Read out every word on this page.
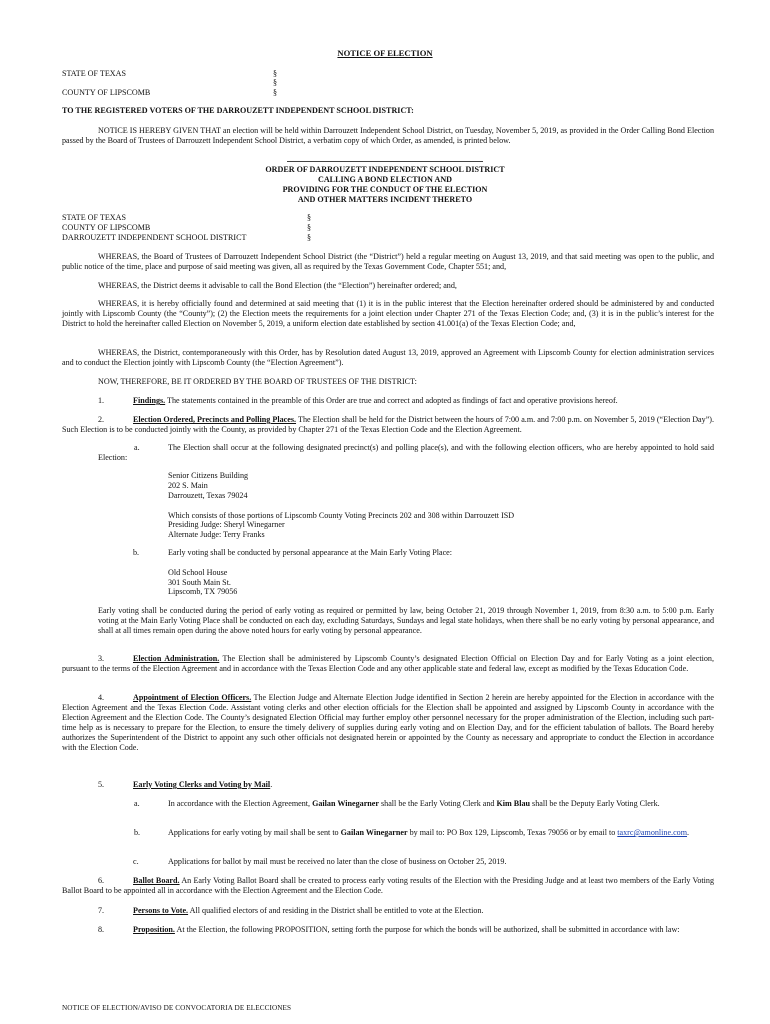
NOTICE OF ELECTION
STATE OF TEXAS	§
§
COUNTY OF LIPSCOMB	§
TO THE REGISTERED VOTERS OF THE DARROUZETT INDEPENDENT SCHOOL DISTRICT:
NOTICE IS HEREBY GIVEN THAT an election will be held within Darrouzett Independent School District, on Tuesday, November 5, 2019, as provided in the Order Calling Bond Election passed by the Board of Trustees of Darrouzett Independent School District, a verbatim copy of which Order, as amended, is printed below.
ORDER OF DARROUZETT INDEPENDENT SCHOOL DISTRICT
CALLING A BOND ELECTION AND
PROVIDING FOR THE CONDUCT OF THE ELECTION
AND OTHER MATTERS INCIDENT THERETO
STATE OF TEXAS	§
COUNTY OF LIPSCOMB	§
DARROUZETT INDEPENDENT SCHOOL DISTRICT	§
WHEREAS, the Board of Trustees of Darrouzett Independent School District (the “District”) held a regular meeting on August 13, 2019, and that said meeting was open to the public, and public notice of the time, place and purpose of said meeting was given, all as required by the Texas Government Code, Chapter 551; and,
WHEREAS, the District deems it advisable to call the Bond Election (the “Election”) hereinafter ordered; and,
WHEREAS, it is hereby officially found and determined at said meeting that (1) it is in the public interest that the Election hereinafter ordered should be administered by and conducted jointly with Lipscomb County (the “County”); (2) the Election meets the requirements for a joint election under Chapter 271 of the Texas Election Code; and, (3) it is in the public’s interest for the District to hold the hereinafter called Election on November 5, 2019, a uniform election date established by section 41.001(a) of the Texas Election Code; and,
WHEREAS, the District, contemporaneously with this Order, has by Resolution dated August 13, 2019, approved an Agreement with Lipscomb County for election administration services and to conduct the Election jointly with Lipscomb County (the “Election Agreement”).
NOW, THEREFORE, BE IT ORDERED BY THE BOARD OF TRUSTEES OF THE DISTRICT:
1.	Findings. The statements contained in the preamble of this Order are true and correct and adopted as findings of fact and operative provisions hereof.
2.	Election Ordered, Precincts and Polling Places. The Election shall be held for the District between the hours of 7:00 a.m. and 7:00 p.m. on November 5, 2019 (“Election Day”). Such Election is to be conducted jointly with the County, as provided by Chapter 271 of the Texas Election Code and the Election Agreement.
a.	The Election shall occur at the following designated precinct(s) and polling place(s), and with the following election officers, who are hereby appointed to hold said Election:
Senior Citizens Building
202 S. Main
Darrouzett, Texas 79024
Which consists of those portions of Lipscomb County Voting Precincts 202 and 308 within Darrouzett ISD
Presiding Judge: Sheryl Winegarner
Alternate Judge: Terry Franks
b.	Early voting shall be conducted by personal appearance at the Main Early Voting Place:
Old School House
301 South Main St.
Lipscomb, TX 79056
Early voting shall be conducted during the period of early voting as required or permitted by law, being October 21, 2019 through November 1, 2019, from 8:30 a.m. to 5:00 p.m. Early voting at the Main Early Voting Place shall be conducted on each day, excluding Saturdays, Sundays and legal state holidays, when there shall be no early voting by personal appearance, and shall at all times remain open during the above noted hours for early voting by personal appearance.
3.	Election Administration. The Election shall be administered by Lipscomb County’s designated Election Official on Election Day and for Early Voting as a joint election, pursuant to the terms of the Election Agreement and in accordance with the Texas Election Code and any other applicable state and federal law, except as modified by the Texas Education Code.
4.	Appointment of Election Officers. The Election Judge and Alternate Election Judge identified in Section 2 herein are hereby appointed for the Election in accordance with the Election Agreement and the Texas Election Code. Assistant voting clerks and other election officials for the Election shall be appointed and assigned by Lipscomb County in accordance with the Election Agreement and the Election Code. The County’s designated Election Official may further employ other personnel necessary for the proper administration of the Election, including such part-time help as is necessary to prepare for the Election, to ensure the timely delivery of supplies during early voting and on Election Day, and for the efficient tabulation of ballots. The Board hereby authorizes the Superintendent of the District to appoint any such other officials not designated herein or appointed by the County as necessary and appropriate to conduct the Election in accordance with the Election Code.
5.	Early Voting Clerks and Voting by Mail.
a.	In accordance with the Election Agreement, Gailan Winegarner shall be the Early Voting Clerk and Kim Blau shall be the Deputy Early Voting Clerk.
b.	Applications for early voting by mail shall be sent to Gailan Winegarner by mail to: PO Box 129, Lipscomb, Texas 79056 or by email to taxrc@amonline.com.
c.	Applications for ballot by mail must be received no later than the close of business on October 25, 2019.
6.	Ballot Board. An Early Voting Ballot Board shall be created to process early voting results of the Election with the Presiding Judge and at least two members of the Early Voting Ballot Board to be appointed all in accordance with the Election Agreement and the Election Code.
7.	Persons to Vote. All qualified electors of and residing in the District shall be entitled to vote at the Election.
8.	Proposition. At the Election, the following PROPOSITION, setting forth the purpose for which the bonds will be authorized, shall be submitted in accordance with law:
NOTICE OF ELECTION/AVISO DE CONVOCATORIA DE ELECCIONES
